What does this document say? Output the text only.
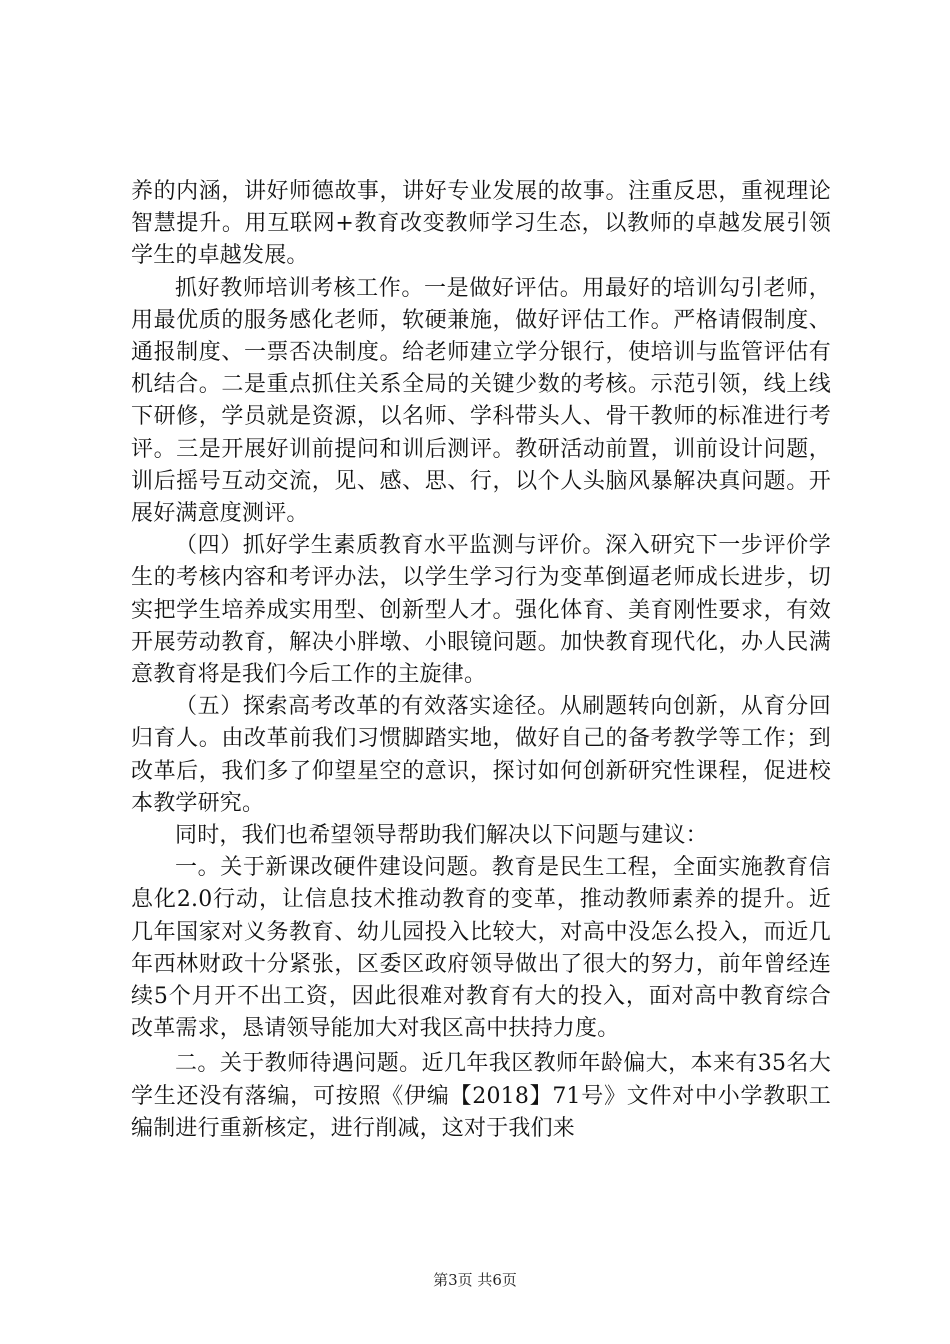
养的内涵，讲好师德故事，讲好专业发展的故事。注重反思，重视理论智慧提升。用互联网+教育改变教师学习生态，以教师的卓越发展引领学生的卓越发展。

抓好教师培训考核工作。一是做好评估。用最好的培训勾引老师，用最优质的服务感化老师，软硬兼施，做好评估工作。严格请假制度、通报制度、一票否决制度。给老师建立学分银行，使培训与监管评估有机结合。二是重点抓住关系全局的关键少数的考核。示范引领，线上线下研修，学员就是资源，以名师、学科带头人、骨干教师的标准进行考评。三是开展好训前提问和训后测评。教研活动前置，训前设计问题，训后摇号互动交流，见、感、思、行，以个人头脑风暴解决真问题。开展好满意度测评。

（四）抓好学生素质教育水平监测与评价。深入研究下一步评价学生的考核内容和考评办法，以学生学习行为变革倒逼老师成长进步，切实把学生培养成实用型、创新型人才。强化体育、美育刚性要求，有效开展劳动教育，解决小胖墩、小眼镜问题。加快教育现代化，办人民满意教育将是我们今后工作的主旋律。

（五）探索高考改革的有效落实途径。从刷题转向创新，从育分回归育人。由改革前我们习惯脚踏实地，做好自己的备考教学等工作；到改革后，我们多了仰望星空的意识，探讨如何创新研究性课程，促进校本教学研究。

同时，我们也希望领导帮助我们解决以下问题与建议：

一。关于新课改硬件建设问题。教育是民生工程，全面实施教育信息化2.0行动，让信息技术推动教育的变革，推动教师素养的提升。近几年国家对义务教育、幼儿园投入比较大，对高中没怎么投入，而近几年西林财政十分紧张，区委区政府领导做出了很大的努力，前年曾经连续5个月开不出工资，因此很难对教育有大的投入，面对高中教育综合改革需求，恳请领导能加大对我区高中扶持力度。

二。关于教师待遇问题。近几年我区教师年龄偏大，本来有35名大学生还没有落编，可按照《伊编【2018】71号》文件对中小学教职工编制进行重新核定，进行削减，这对于我们来

第3页 共6页
